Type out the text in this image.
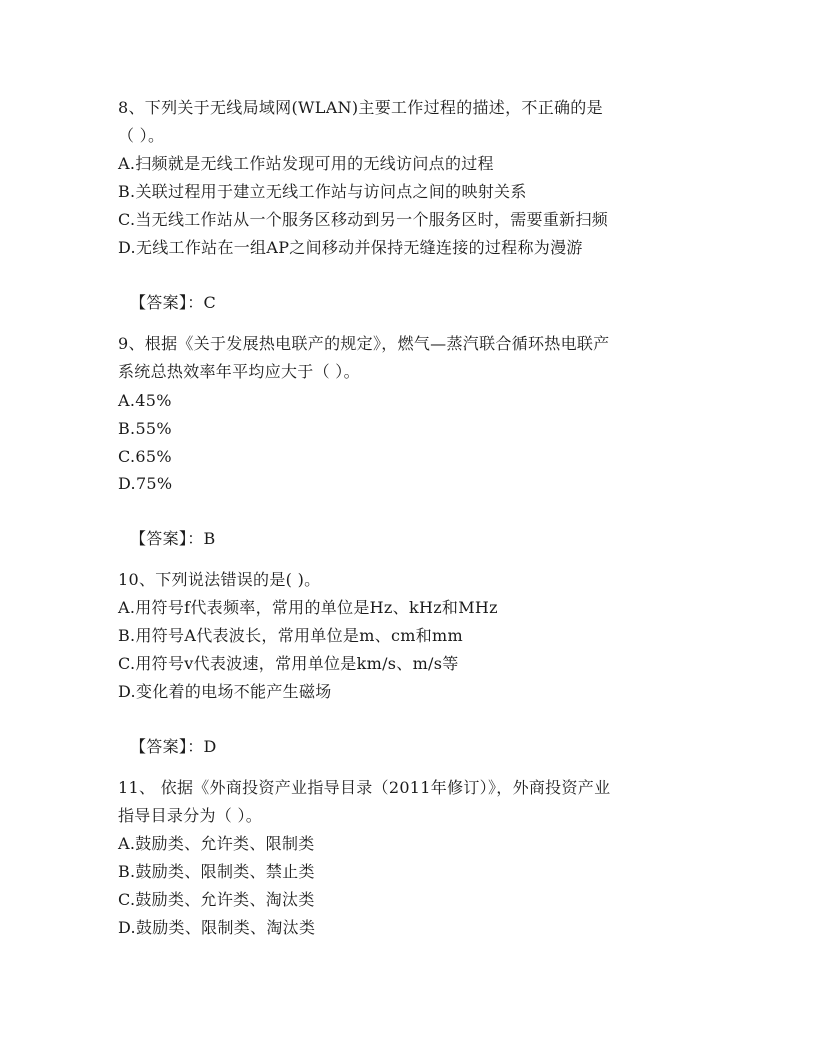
8、下列关于无线局域网(WLAN)主要工作过程的描述，不正确的是
（ ）。
A.扫频就是无线工作站发现可用的无线访问点的过程
B.关联过程用于建立无线工作站与访问点之间的映射关系
C.当无线工作站从一个服务区移动到另一个服务区时，需要重新扫频
D.无线工作站在一组AP之间移动并保持无缝连接的过程称为漫游
【答案】：C
9、根据《关于发展热电联产的规定》，燃气—蒸汽联合循环热电联产
系统总热效率年平均应大于（ ）。
A.45%
B.55%
C.65%
D.75%
【答案】：B
10、下列说法错误的是( )。
A.用符号f代表频率，常用的单位是Hz、kHz和MHz
B.用符号A代表波长，常用单位是m、cm和mm
C.用符号v代表波速，常用单位是km/s、m/s等
D.变化着的电场不能产生磁场
【答案】：D
11、 依据《外商投资产业指导目录（2011年修订）》，外商投资产业
指导目录分为（ ）。
A.鼓励类、允许类、限制类
B.鼓励类、限制类、禁止类
C.鼓励类、允许类、淘汰类
D.鼓励类、限制类、淘汰类
